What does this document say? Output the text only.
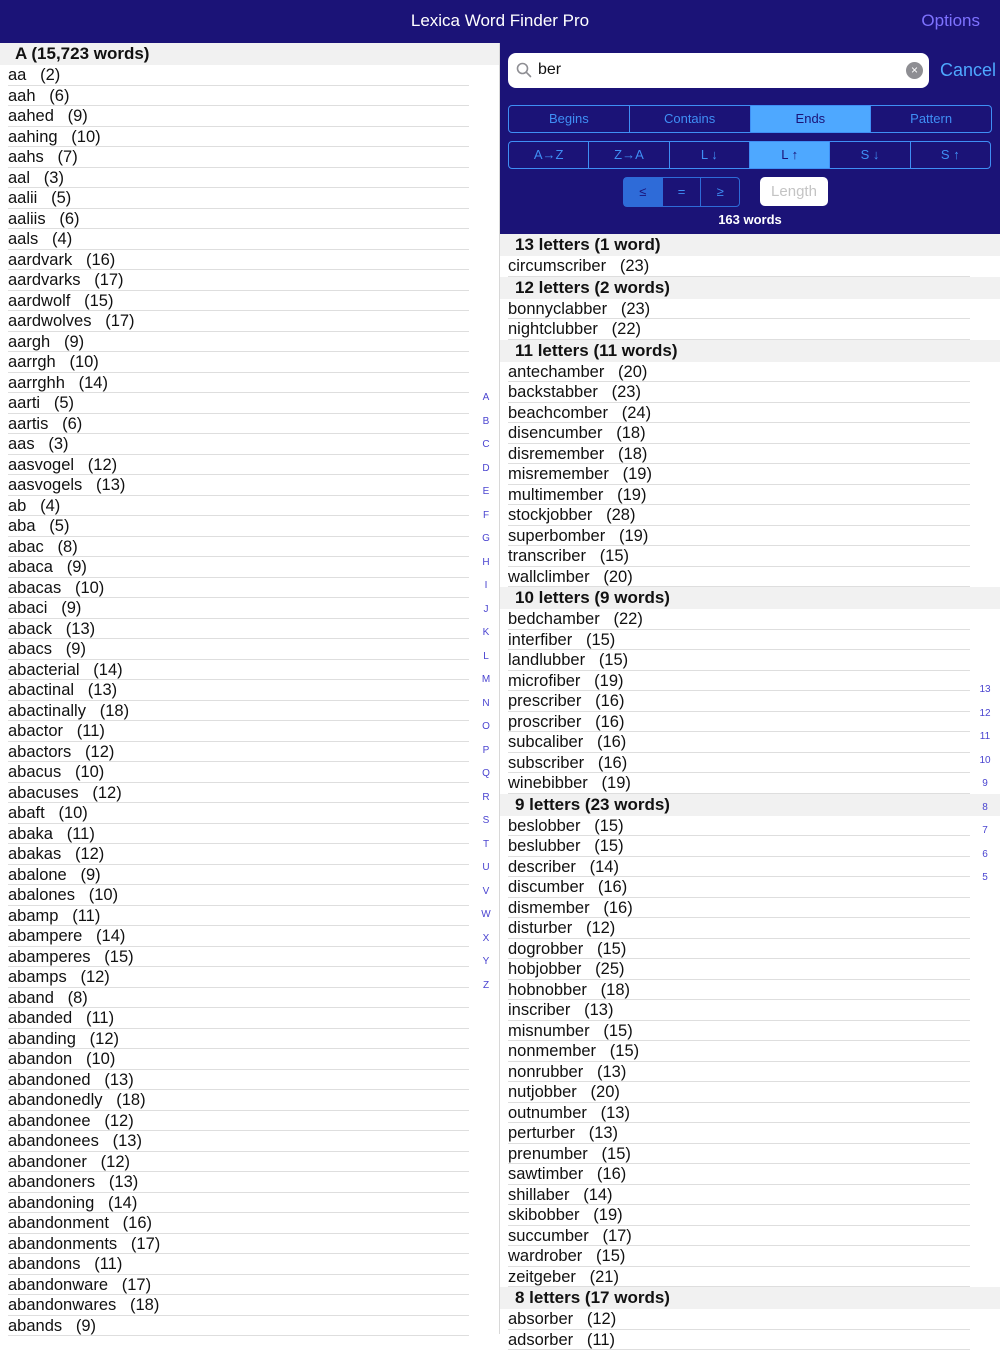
Lexica Word Finder Pro	Options
A (15,723 words)
aa   (2)
aah   (6)
aahed   (9)
aahing   (10)
aahs   (7)
aal   (3)
aalii   (5)
aaliis   (6)
aals   (4)
aardvark   (16)
aardvarks   (17)
aardwolf   (15)
aardwolves   (17)
aargh   (9)
aarrgh   (10)
aarrghh   (14)
aarti   (5)
aartis   (6)
aas   (3)
aasvogel   (12)
aasvogels   (13)
ab   (4)
aba   (5)
abac   (8)
abaca   (9)
abacas   (10)
abaci   (9)
aback   (13)
abacs   (9)
abacterial   (14)
abactinal   (13)
abactinally   (18)
abactor   (11)
abactors   (12)
abacus   (10)
abacuses   (12)
abaft   (10)
abaka   (11)
abakas   (12)
abalone   (9)
abalones   (10)
abamp   (11)
abampere   (14)
abamperes   (15)
abamps   (12)
aband   (8)
abanded   (11)
abanding   (12)
abandon   (10)
abandoned   (13)
abandonedly   (18)
abandonee   (12)
abandonees   (13)
abandoner   (12)
abandoners   (13)
abandoning   (14)
abandonment   (16)
abandonments   (17)
abandons   (11)
abandonware   (17)
abandonwares   (18)
abands   (9)
A
B
C
D
E
F
G
H
I
J
K
L
M
N
O
P
Q
R
S
T
U
V
W
X
Y
Z
ber
× Cancel
Begins	Contains	Ends	Pattern
A→Z	Z→A	L ↓	L ↑	S ↓	S ↑
≤	=	≥
Length
163 words
13 letters (1 word)
circumscriber   (23)
12 letters (2 words)
bonnyclabber   (23)
nightclubber   (22)
11 letters (11 words)
antechamber   (20)
backstabber   (23)
beachcomber   (24)
disencumber   (18)
disremember   (18)
misremember   (19)
multimember   (19)
stockjobber   (28)
superbomber   (19)
transcriber   (15)
wallclimber   (20)
10 letters (9 words)
bedchamber   (22)
interfiber   (15)
landlubber   (15)
microfiber   (19)
prescriber   (16)
proscriber   (16)
subcaliber   (16)
subscriber   (16)
winebibber   (19)
9 letters (23 words)
beslobber   (15)
beslubber   (15)
describer   (14)
discumber   (16)
dismember   (16)
disturber   (12)
dogrobber   (15)
hobjobber   (25)
hobnobber   (18)
inscriber   (13)
misnumber   (15)
nonmember   (15)
nonrubber   (13)
nutjobber   (20)
outnumber   (13)
perturber   (13)
prenumber   (15)
sawtimber   (16)
shillaber   (14)
skibobber   (19)
succumber   (17)
wardrober   (15)
zeitgeber   (21)
8 letters (17 words)
absorber   (12)
adsorber   (11)
13
12
11
10
9
8
7
6
5
